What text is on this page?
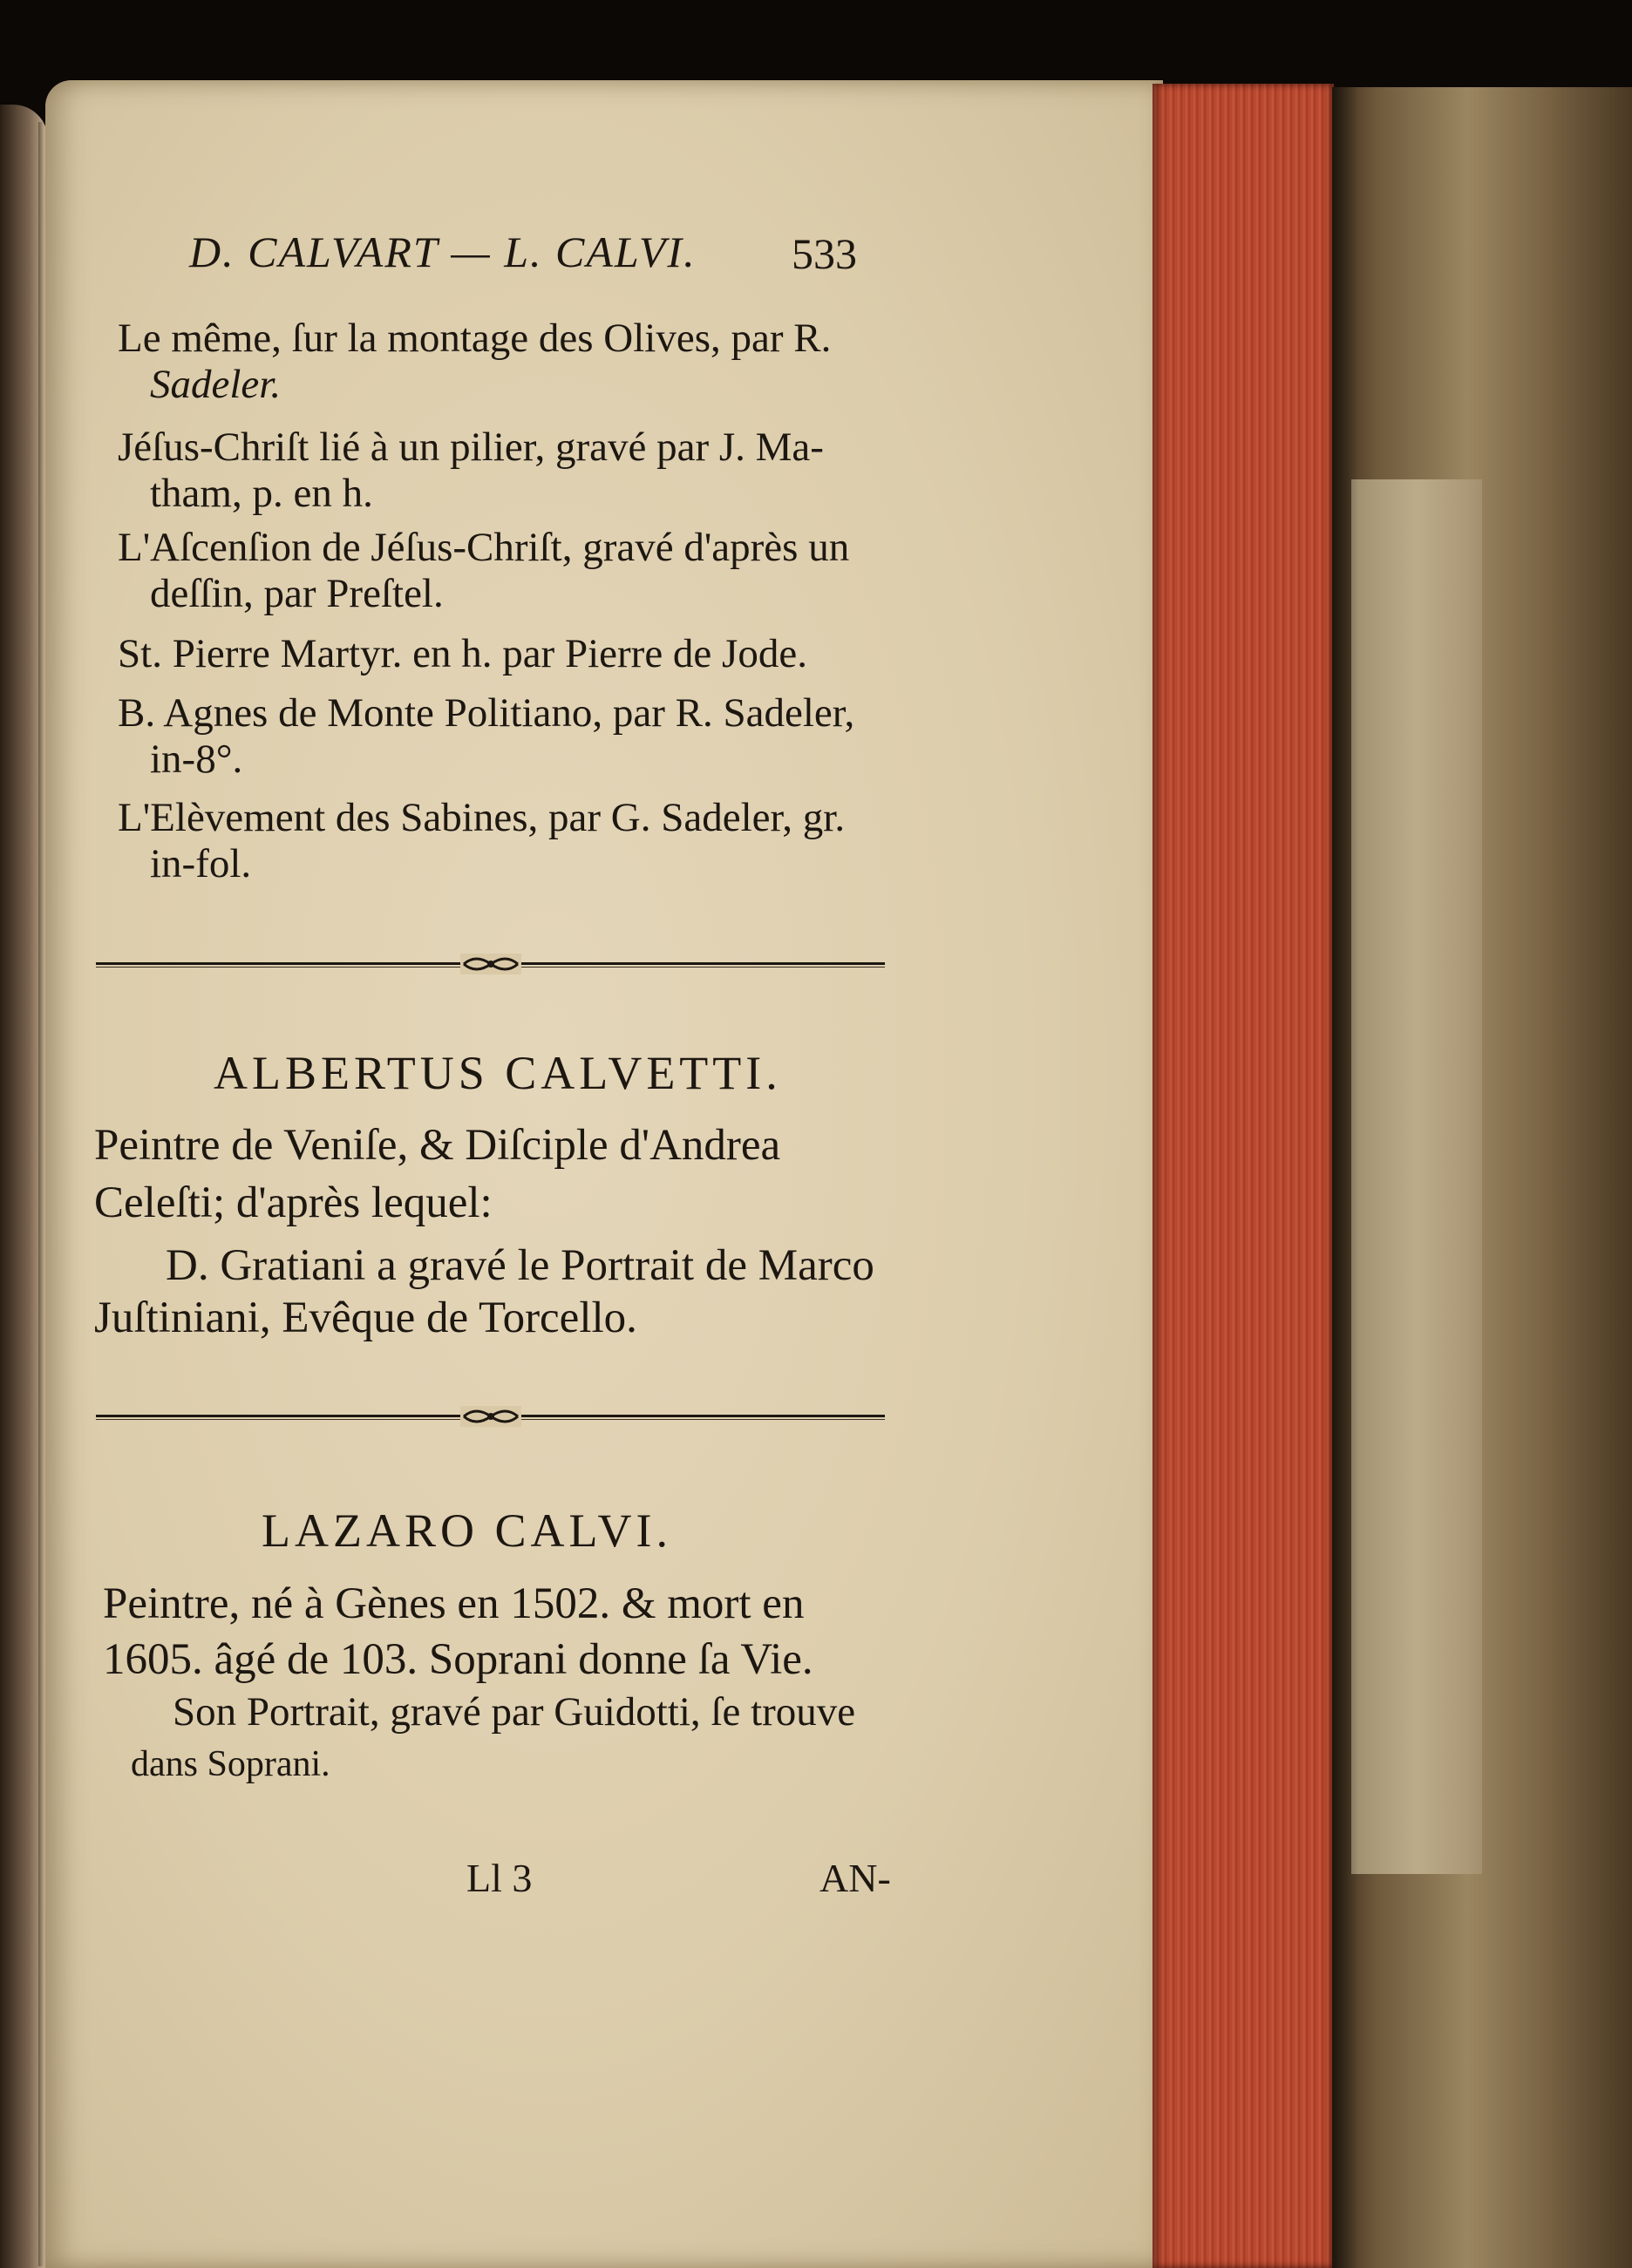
D. CALVART — L. CALVI. 533
Le même, ſur la montage des Olives, par R.
Sadeler.
Jéſus-Chriſt lié à un pilier, gravé par J. Ma-
tham, p. en h.
L'Aſcenſion de Jéſus-Chriſt, gravé d'après un
deſſin, par Preſtel.
St. Pierre Martyr. en h. par Pierre de Jode.
B. Agnes de Monte Politiano, par R. Sadeler,
in-8°.
L'Elèvement des Sabines, par G. Sadeler, gr.
in-fol.
ALBERTUS CALVETTI.
Peintre de Veniſe, & Diſciple d'Andrea
Celeſti; d'après lequel:
D. Gratiani a gravé le Portrait de Marco
Juſtiniani, Evêque de Torcello.
LAZARO CALVI.
Peintre, né à Gènes en 1502. & mort en
1605. âgé de 103. Soprani donne ſa Vie.
Son Portrait, gravé par Guidotti, ſe trouve
dans Soprani.
Ll 3	AN-
